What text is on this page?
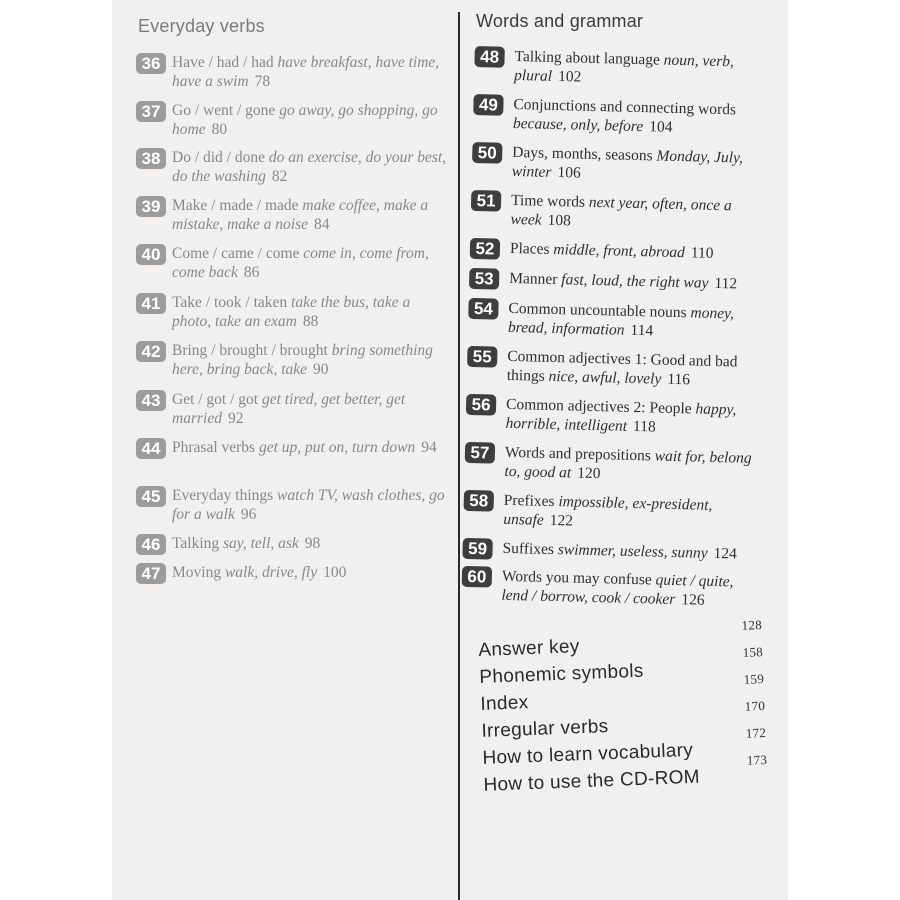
Everyday verbs
36 Have / had / had have breakfast, have time, have a swim 78
37 Go / went / gone go away, go shopping, go home 80
38 Do / did / done do an exercise, do your best, do the washing 82
39 Make / made / made make coffee, make a mistake, make a noise 84
40 Come / came / come come in, come from, come back 86
41 Take / took / taken take the bus, take a photo, take an exam 88
42 Bring / brought / brought bring something here, bring back, take 90
43 Get / got / got get tired, get better, get married 92
44 Phrasal verbs get up, put on, turn down 94
45 Everyday things watch TV, wash clothes, go for a walk 96
46 Talking say, tell, ask 98
47 Moving walk, drive, fly 100
Words and grammar
48 Talking about language noun, verb, plural 102
49 Conjunctions and connecting words because, only, before 104
50 Days, months, seasons Monday, July, winter 106
51 Time words next year, often, once a week 108
52 Places middle, front, abroad 110
53 Manner fast, loud, the right way 112
54 Common uncountable nouns money, bread, information 114
55 Common adjectives 1: Good and bad things nice, awful, lovely 116
56 Common adjectives 2: People happy, horrible, intelligent 118
57 Words and prepositions wait for, belong to, good at 120
58 Prefixes impossible, ex-president, unsafe 122
59 Suffixes swimmer, useless, sunny 124
60 Words you may confuse quiet / quite, lend / borrow, cook / cooker 126
Answer key
128
Phonemic symbols
158
Index
159
Irregular verbs
170
How to learn vocabulary
172
How to use the CD-ROM
173
